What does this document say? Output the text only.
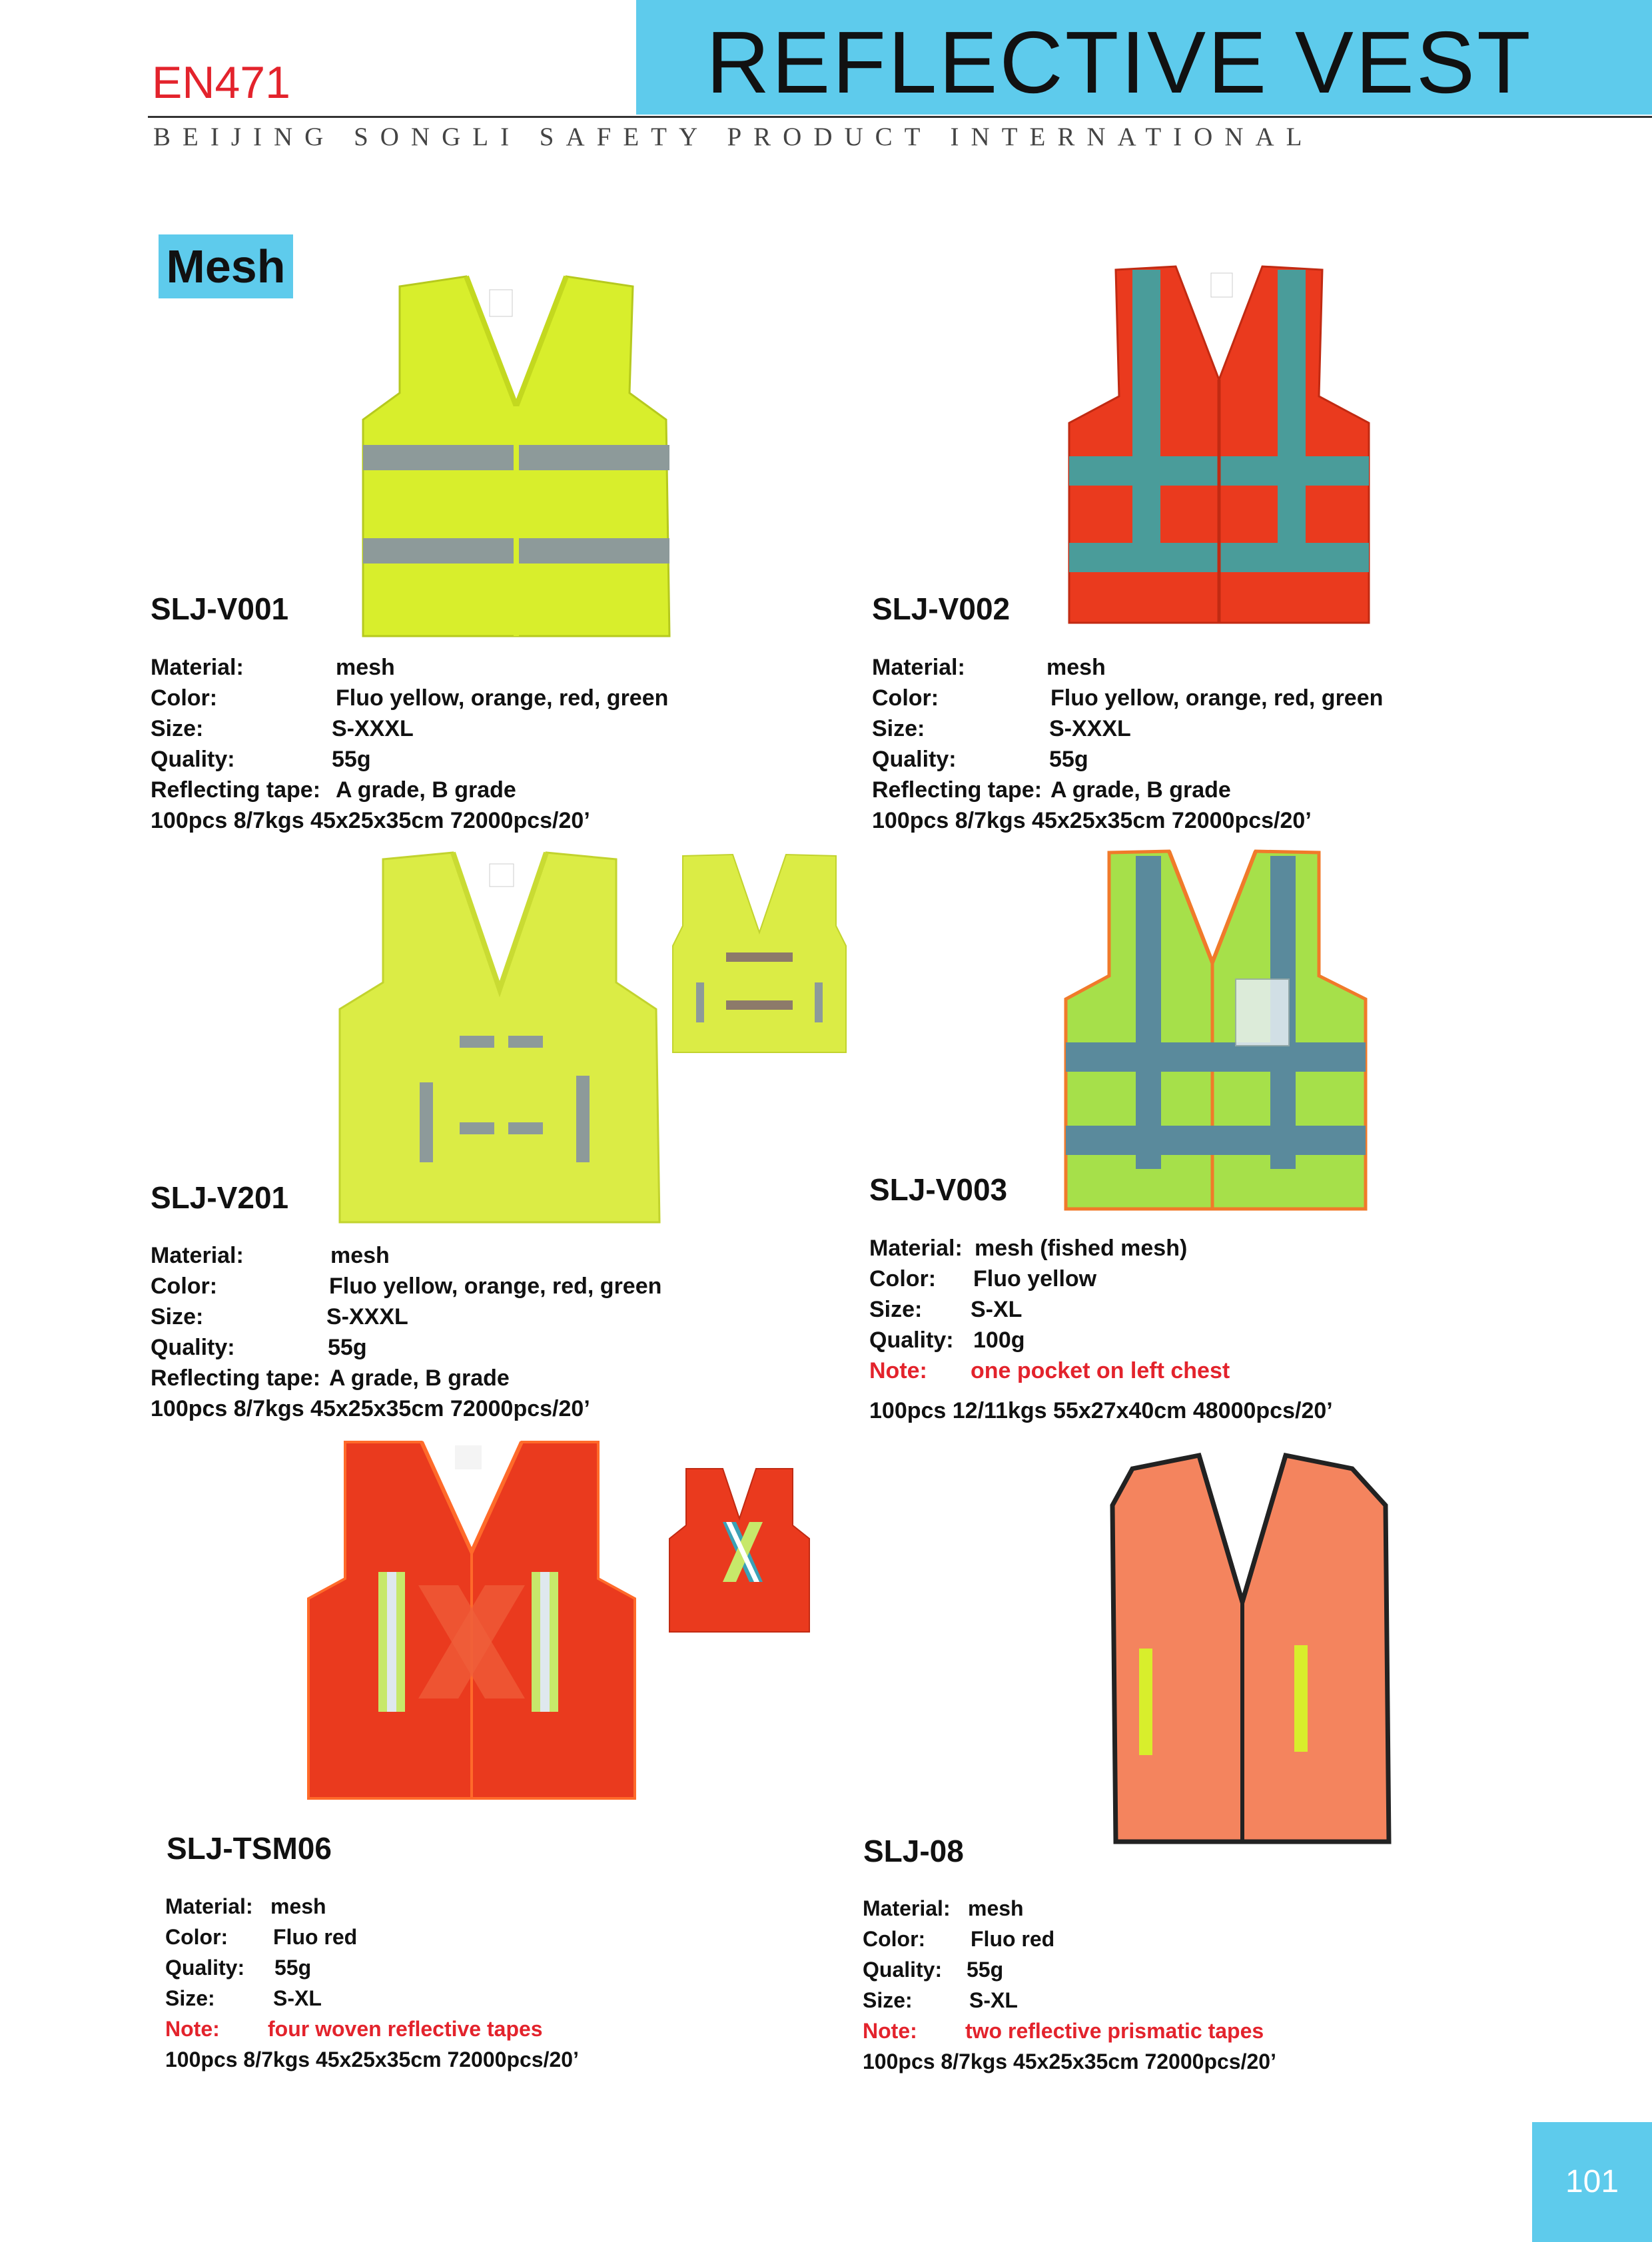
REFLECTIVE VEST
EN471
BEIJING SONGLI SAFETY PRODUCT INTERNATIONAL
Mesh
SLJ-V001
Material:	mesh
Color:	Fluo yellow, orange, red, green
Size:	S-XXXL
Quality:	55g
Reflecting tape: A grade, B grade
100pcs 8/7kgs 45x25x35cm 72000pcs/20’
SLJ-V002
Material:	mesh
Color:	Fluo yellow, orange, red, green
Size:	S-XXXL
Quality:	55g
Reflecting tape: A grade, B grade
100pcs 8/7kgs 45x25x35cm 72000pcs/20’
SLJ-V201
Material:	mesh
Color:	Fluo yellow, orange, red, green
Size:	S-XXXL
Quality:	55g
Reflecting tape: A grade, B grade
100pcs 8/7kgs 45x25x35cm 72000pcs/20’
SLJ-V003
Material: mesh (fished mesh)
Color: Fluo yellow
Size: S-XL
Quality: 100g
Note: one pocket on left chest
100pcs 12/11kgs 55x27x40cm 48000pcs/20’
SLJ-TSM06
Material: mesh
Color: Fluo red
Quality: 55g
Size:	S-XL
Note: four woven reflective tapes
100pcs 8/7kgs 45x25x35cm 72000pcs/20’
SLJ-08
Material: mesh
Color: Fluo red
Quality: 55g
Size:	S-XL
Note: two reflective prismatic tapes
100pcs 8/7kgs 45x25x35cm 72000pcs/20’
101
